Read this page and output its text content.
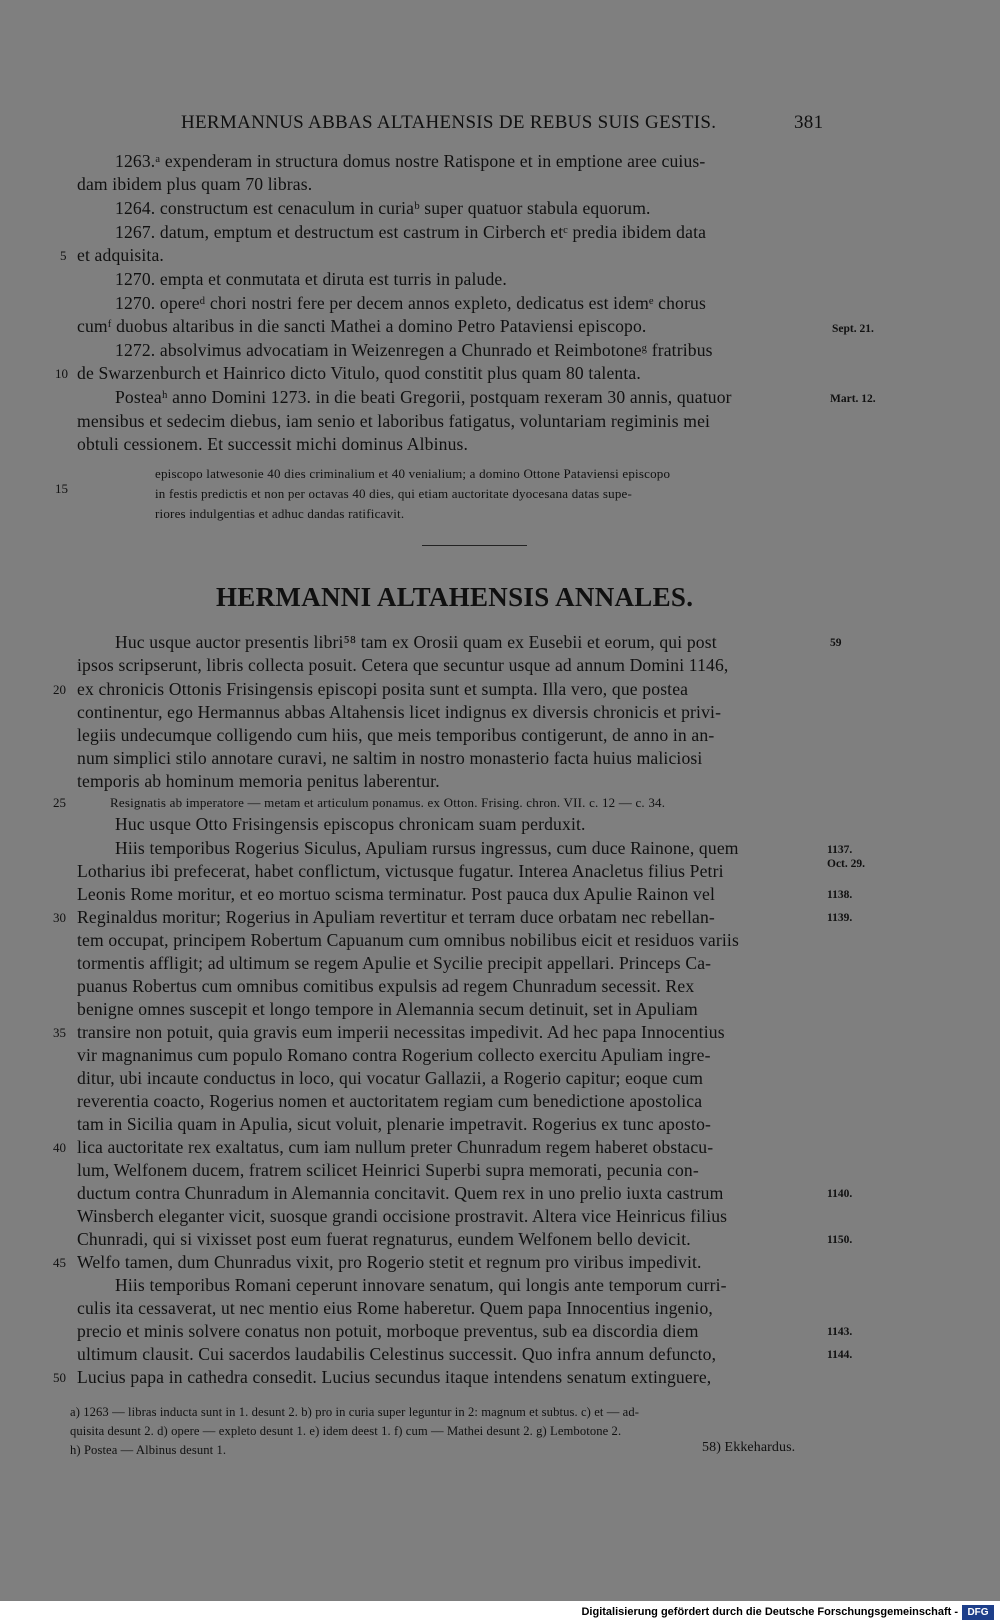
HERMANNUS ABBAS ALTAHENSIS DE REBUS SUIS GESTIS.	381
1263.ᵃ expenderam in structura domus nostre Ratispone et in emptione aree cuius-
dam ibidem plus quam 70 libras.
1264. constructum est cenaculum in curiaᵇ super quatuor stabula equorum.
1267. datum, emptum et destructum est castrum in Cirberch etᶜ predia ibidem data
et adquisita.
1270. empta et conmutata et diruta est turris in palude.
1270. opereᵈ chori nostri fere per decem annos expleto, dedicatus est idemᵉ chorus
cumᶠ duobus altaribus in die sancti Mathei a domino Petro Pataviensi episcopo.
1272. absolvimus advocatiam in Weizenregen a Chunrado et Reimbotoneᵍ fratribus
de Swarzenburch et Hainrico dicto Vitulo, quod constitit plus quam 80 talenta.
Posteaʰ anno Domini 1273. in die beati Gregorii, postquam rexeram 30 annis, quatuor
mensibus et sedecim diebus, iam senio et laboribus fatigatus, voluntariam regiminis mei
obtuli cessionem. Et successit michi dominus Albinus.
episcopo latwesonie 40 dies criminalium et 40 venialium; a domino Ottone Pataviensi episcopo
in festis predictis et non per octavas 40 dies, qui etiam auctoritate dyocesana datas supe-
riores indulgentias et adhuc dandas ratificavit.
HERMANNI ALTAHENSIS ANNALES.
Huc usque auctor presentis libri⁵⁸ tam ex Orosii quam ex Eusebii et eorum, qui post
ipsos scripserunt, libris collecta posuit. Cetera que secuntur usque ad annum Domini 1146,
ex chronicis Ottonis Frisingensis episcopi posita sunt et sumpta. Illa vero, que postea
continentur, ego Hermannus abbas Altahensis licet indignus ex diversis chronicis et privi-
legiis undecumque colligendo cum hiis, que meis temporibus contigerunt, de anno in an-
num simplici stilo annotare curavi, ne saltim in nostro monasterio facta huius maliciosi
temporis ab hominum memoria penitus laberentur.
Resignatis ab imperatore — metam et articulum ponamus. ex Otton. Frising. chron. VII. c. 12 — c. 34.
Huc usque Otto Frisingensis episcopus chronicam suam perduxit.
Hiis temporibus Rogerius Siculus, Apuliam rursus ingressus, cum duce Rainone, quem
Lotharius ibi prefecerat, habet conflictum, victusque fugatur. Interea Anacletus filius Petri
Leonis Rome moritur, et eo mortuo scisma terminatur. Post pauca dux Apulie Rainon vel
Reginaldus moritur; Rogerius in Apuliam revertitur et terram duce orbatam nec rebellan-
tem occupat, principem Robertum Capuanum cum omnibus nobilibus eicit et residuos variis
tormentis affligit; ad ultimum se regem Apulie et Sycilie precipit appellari. Princeps Ca-
puanus Robertus cum omnibus comitibus expulsis ad regem Chunradum secessit. Rex
benigne omnes suscepit et longo tempore in Alemannia secum detinuit, set in Apuliam
transire non potuit, quia gravis eum imperii necessitas impedivit. Ad hec papa Innocentius
vir magnanimus cum populo Romano contra Rogerium collecto exercitu Apuliam ingre-
ditur, ubi incaute conductus in loco, qui vocatur Gallazii, a Rogerio capitur; eoque cum
reverentia coacto, Rogerius nomen et auctoritatem regiam cum benedictione apostolica
tam in Sicilia quam in Apulia, sicut voluit, plenarie impetravit. Rogerius ex tunc aposto-
lica auctoritate rex exaltatus, cum iam nullum preter Chunradum regem haberet obstacu-
lum, Welfonem ducem, fratrem scilicet Heinrici Superbi supra memorati, pecunia con-
ductum contra Chunradum in Alemannia concitavit. Quem rex in uno prelio iuxta castrum
Winsberch eleganter vicit, suosque grandi occisione prostravit. Altera vice Heinricus filius
Chunradi, qui si vixisset post eum fuerat regnaturus, eundem Welfonem bello devicit.
Welfo tamen, dum Chunradus vixit, pro Rogerio stetit et regnum pro viribus impedivit.
Hiis temporibus Romani ceperunt innovare senatum, qui longis ante temporum curri-
culis ita cessaverat, ut nec mentio eius Rome haberetur. Quem papa Innocentius ingenio,
precio et minis solvere conatus non potuit, morboque preventus, sub ea discordia diem
ultimum clausit. Cui sacerdos laudabilis Celestinus successit. Quo infra annum defuncto,
Lucius papa in cathedra consedit. Lucius secundus itaque intendens senatum extinguere,
5
10
15
20
25
30
35
40
45
50
Sept. 21.
Mart. 12.
59
1137.
Oct. 29.
1138.
1139.
1140.
1150.
1143.
1144.
a) 1263 — libras inducta sunt in 1. desunt 2. b) pro in curia super leguntur in 2: magnum et subtus. c) et — ad-
quisita desunt 2. d) opere — expleto desunt 1. e) idem deest 1. f) cum — Mathei desunt 2. g) Lembotone 2.
h) Postea — Albinus desunt 1.	58) Ekkehardus.
Digitalisierung gefördert durch die Deutsche Forschungsgemeinschaft - DFG
